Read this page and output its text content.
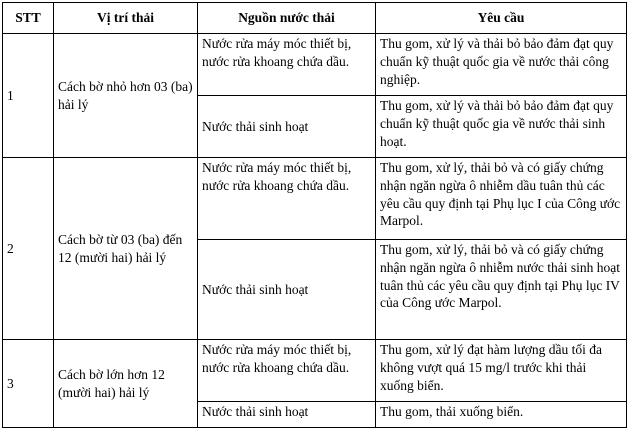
STT	Vị trí thải	Nguồn nước thải	Yêu cầu
1	Cách bờ nhỏ hơn 03 (ba) hải lý	Nước rửa máy móc thiết bị, nước rửa khoang chứa dầu.	Thu gom, xử lý và thải bỏ bảo đảm đạt quy chuẩn kỹ thuật quốc gia về nước thải công nghiệp.
		Nước thải sinh hoạt	Thu gom, xử lý và thải bỏ bảo đảm đạt quy chuẩn kỹ thuật quốc gia về nước thải sinh hoạt.
2	Cách bờ từ 03 (ba) đến 12 (mười hai) hải lý	Nước rửa máy móc thiết bị, nước rửa khoang chứa dầu.	Thu gom, xử lý, thải bỏ và có giấy chứng nhận ngăn ngừa ô nhiễm dầu tuân thủ các yêu cầu quy định tại Phụ lục I của Công ước Marpol.
		Nước thải sinh hoạt	Thu gom, xử lý, thải bỏ và có giấy chứng nhận ngăn ngừa ô nhiễm nước thải sinh hoạt tuân thủ các yêu cầu quy định tại Phụ lục IV của Công ước Marpol.
3	Cách bờ lớn hơn 12 (mười hai) hải lý	Nước rửa máy móc thiết bị, nước rửa khoang chứa dầu.	Thu gom, xử lý đạt hàm lượng dầu tối đa không vượt quá 15 mg/l trước khi thải xuống biển.
		Nước thải sinh hoạt	Thu gom, thải xuống biển.
